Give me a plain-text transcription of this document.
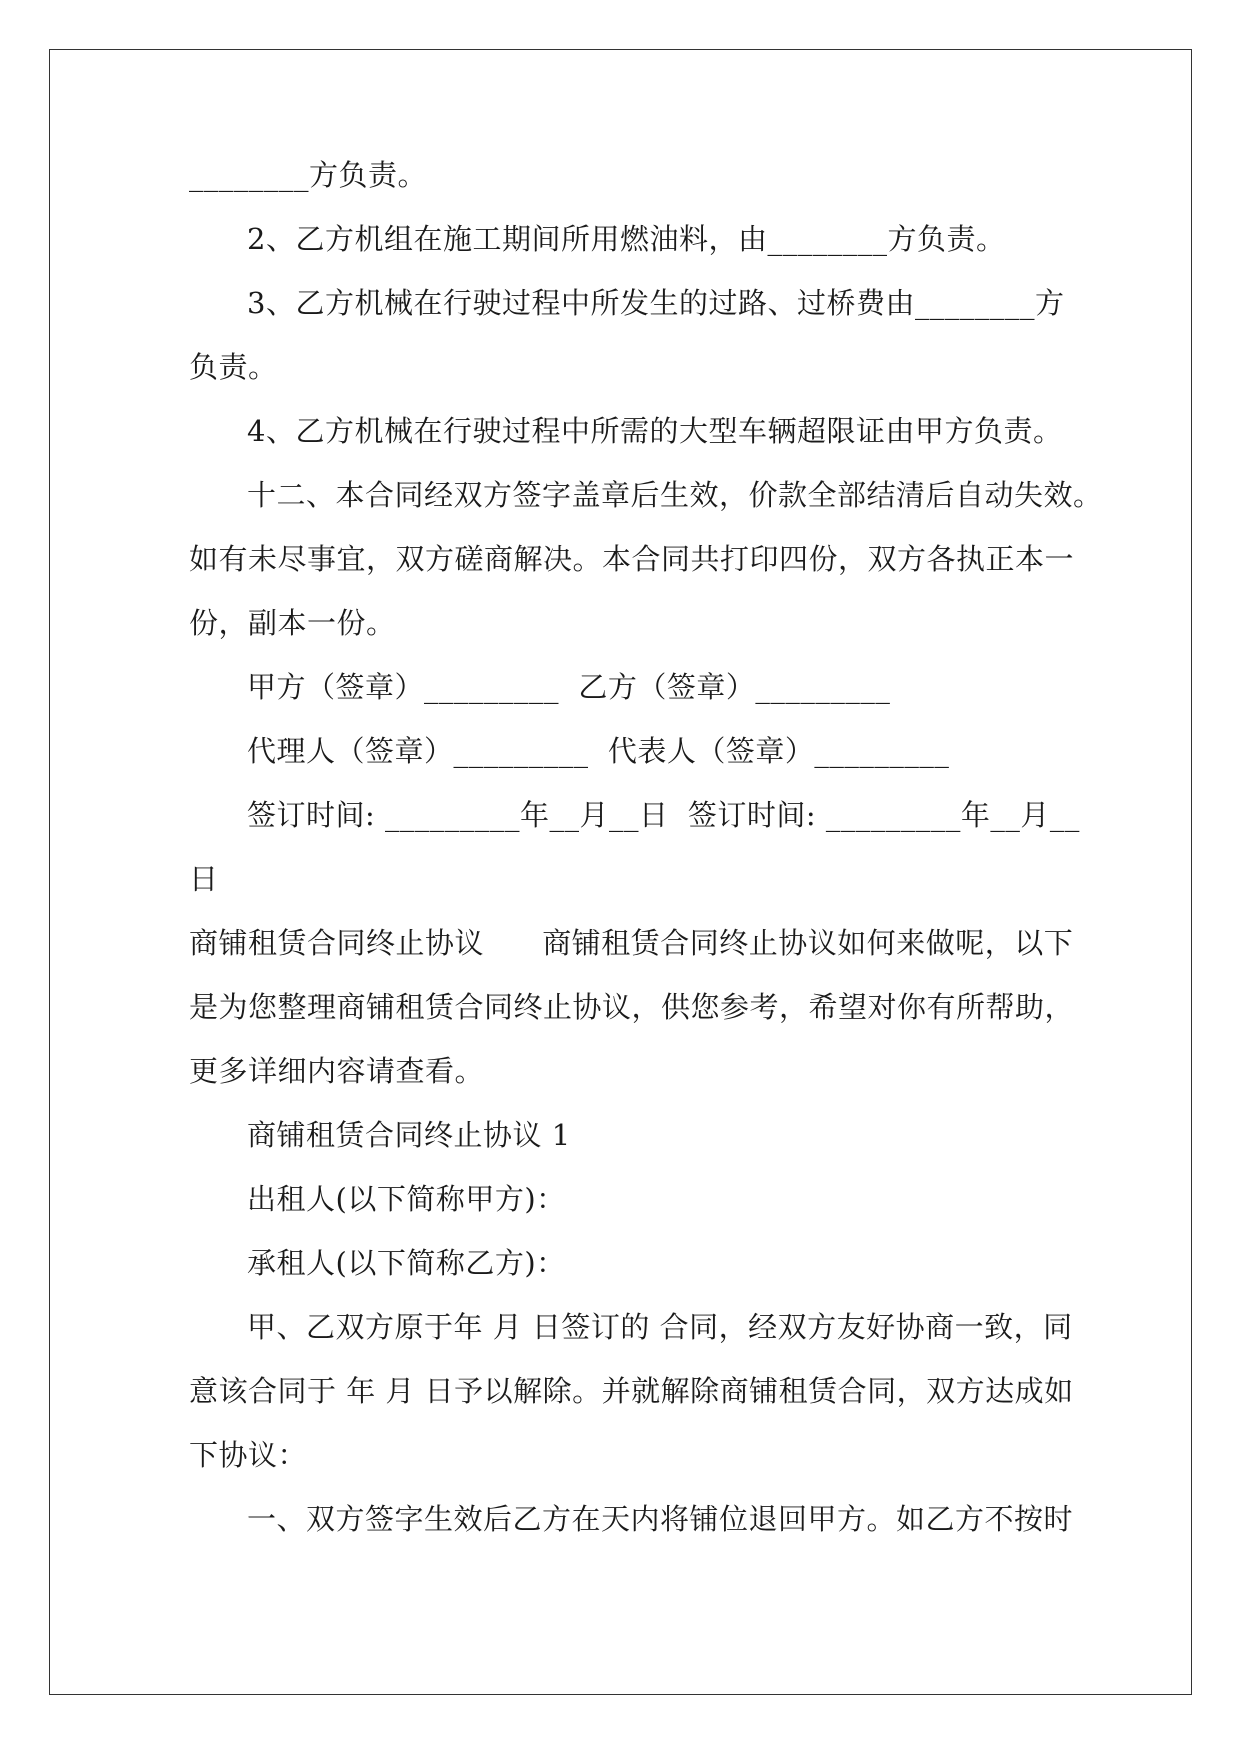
________方负责。
2、乙方机组在施工期间所用燃油料，由________方负责。
3、乙方机械在行驶过程中所发生的过路、过桥费由________方
负责。
4、乙方机械在行驶过程中所需的大型车辆超限证由甲方负责。
十二、本合同经双方签字盖章后生效，价款全部结清后自动失效。
如有未尽事宜，双方磋商解决。本合同共打印四份，双方各执正本一
份，副本一份。
甲方（签章）_________  乙方（签章）_________
代理人（签章）_________  代表人（签章）_________
签订时间: _________年__月__日  签订时间: _________年__月__
日
商铺租赁合同终止协议      商铺租赁合同终止协议如何来做呢，以下
是为您整理商铺租赁合同终止协议，供您参考，希望对你有所帮助，
更多详细内容请查看。
商铺租赁合同终止协议 1
出租人(以下简称甲方)：
承租人(以下简称乙方)：
甲、乙双方原于年 月 日签订的 合同，经双方友好协商一致，同
意该合同于 年 月 日予以解除。并就解除商铺租赁合同，双方达成如
下协议：
一、双方签字生效后乙方在天内将铺位退回甲方。如乙方不按时
